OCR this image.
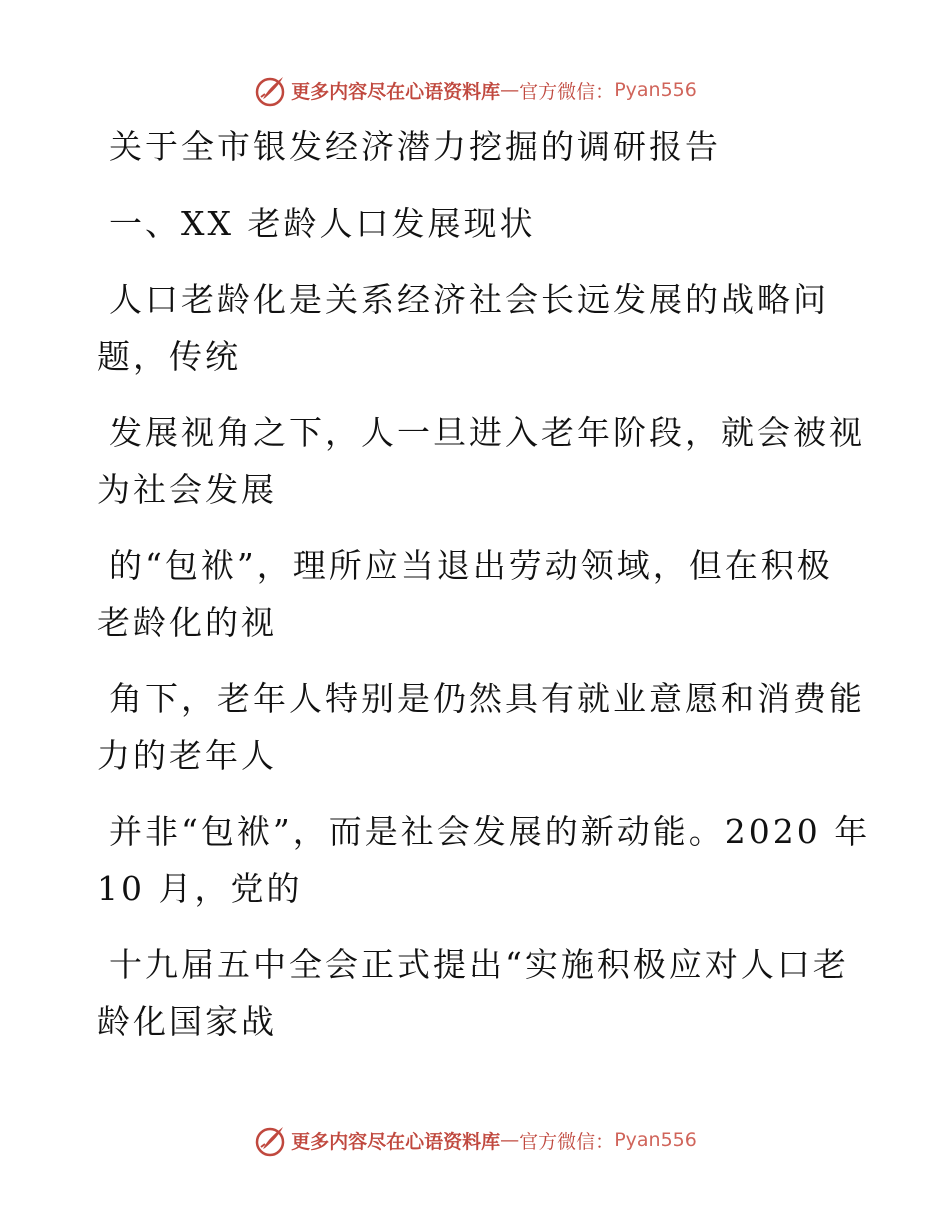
更多内容尽在心语资料库 — 官方微信： Pyan556

关于全市银发经济潜力挖掘的调研报告

一、XX 老龄人口发展现状

人口老龄化是关系经济社会长远发展的战略问

题，传统

发展视角之下，人一旦进入老年阶段，就会被视

为社会发展

的“包袱”，理所应当退出劳动领域，但在积极

老龄化的视

角下，老年人特别是仍然具有就业意愿和消费能

力的老年人

并非“包袱”，而是社会发展的新动能。2020 年

10 月，党的

十九届五中全会正式提出“实施积极应对人口老

龄化国家战

更多内容尽在心语资料库 — 官方微信： Pyan556
